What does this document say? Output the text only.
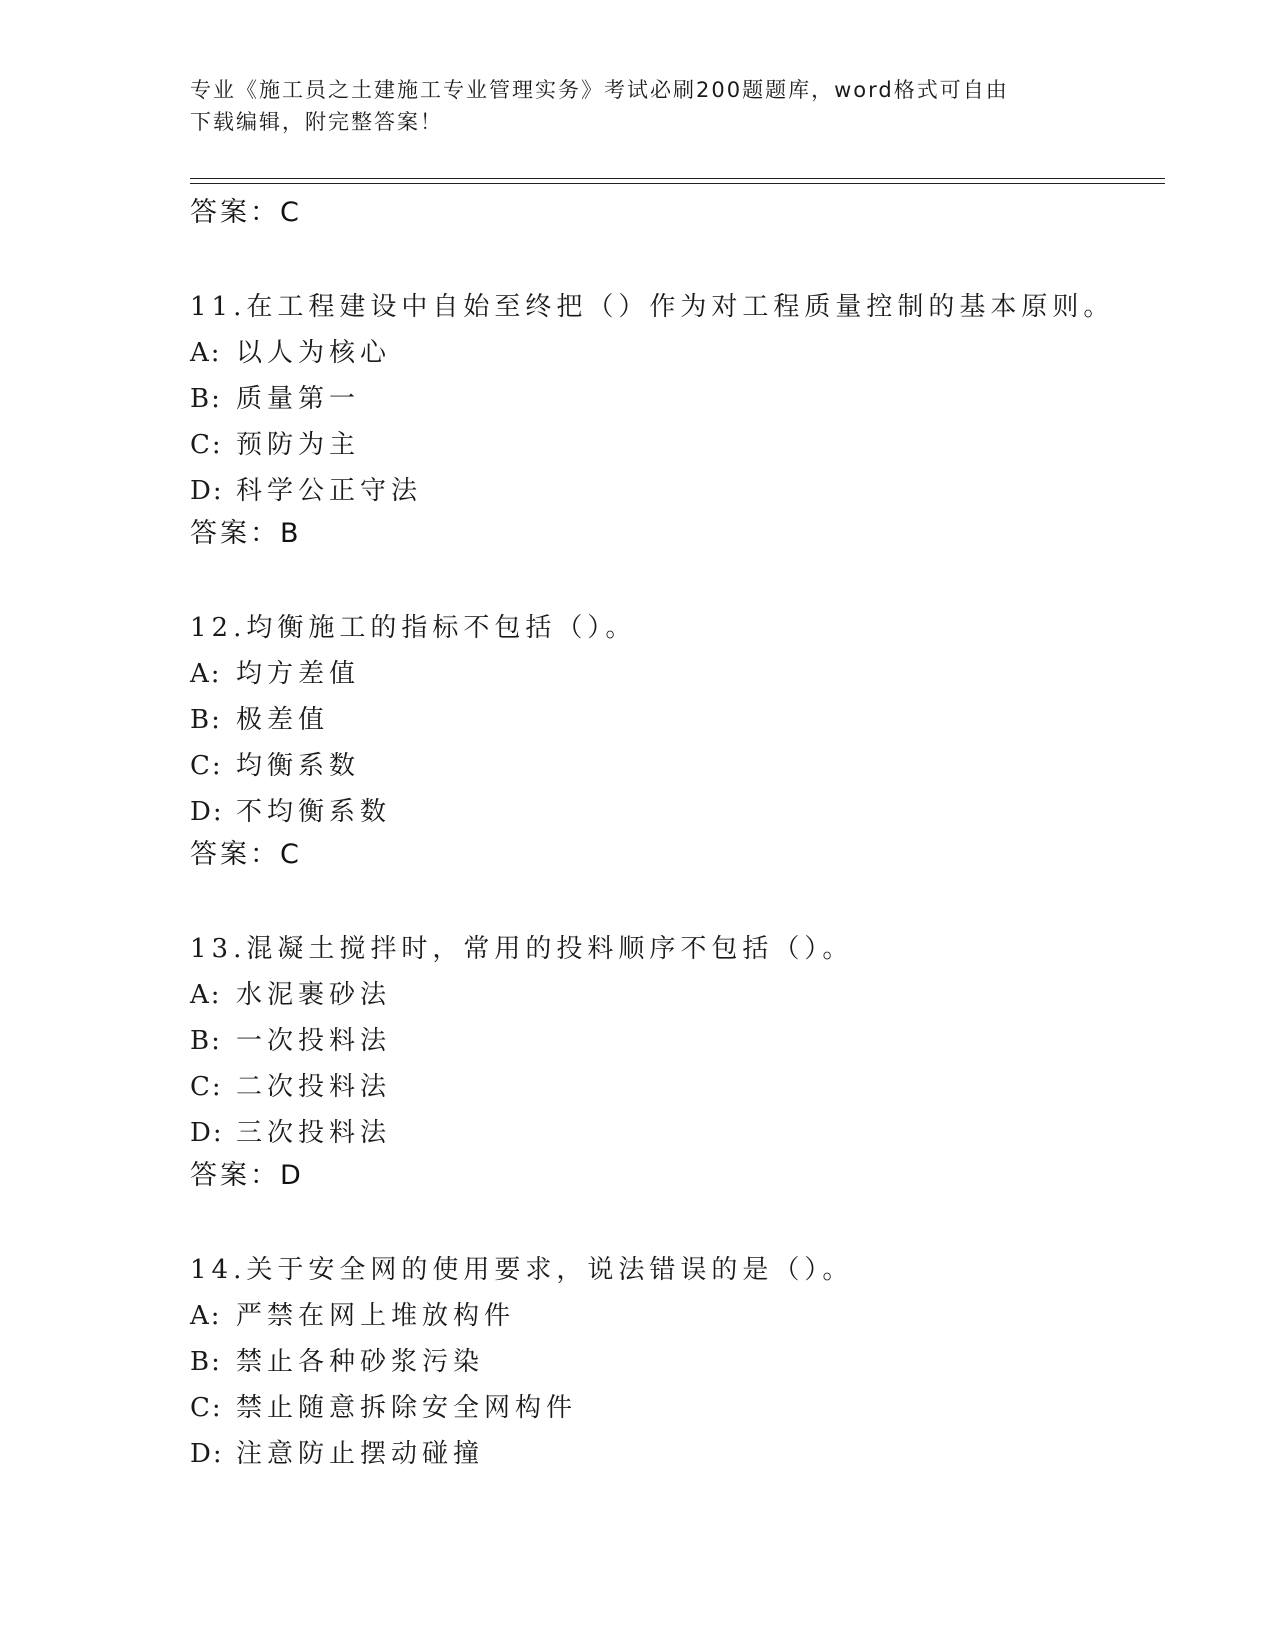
专业《施工员之土建施工专业管理实务》考试必刷200题题库，word格式可自由
下载编辑，附完整答案！
答案：C
11.在工程建设中自始至终把（）作为对工程质量控制的基本原则。
A: 以人为核心
B: 质量第一
C: 预防为主
D: 科学公正守法
答案：B
12.均衡施工的指标不包括（）。
A: 均方差值
B: 极差值
C: 均衡系数
D: 不均衡系数
答案：C
13.混凝土搅拌时，常用的投料顺序不包括（）。
A: 水泥裹砂法
B: 一次投料法
C: 二次投料法
D: 三次投料法
答案：D
14.关于安全网的使用要求，说法错误的是（）。
A: 严禁在网上堆放构件
B: 禁止各种砂浆污染
C: 禁止随意拆除安全网构件
D: 注意防止摆动碰撞
